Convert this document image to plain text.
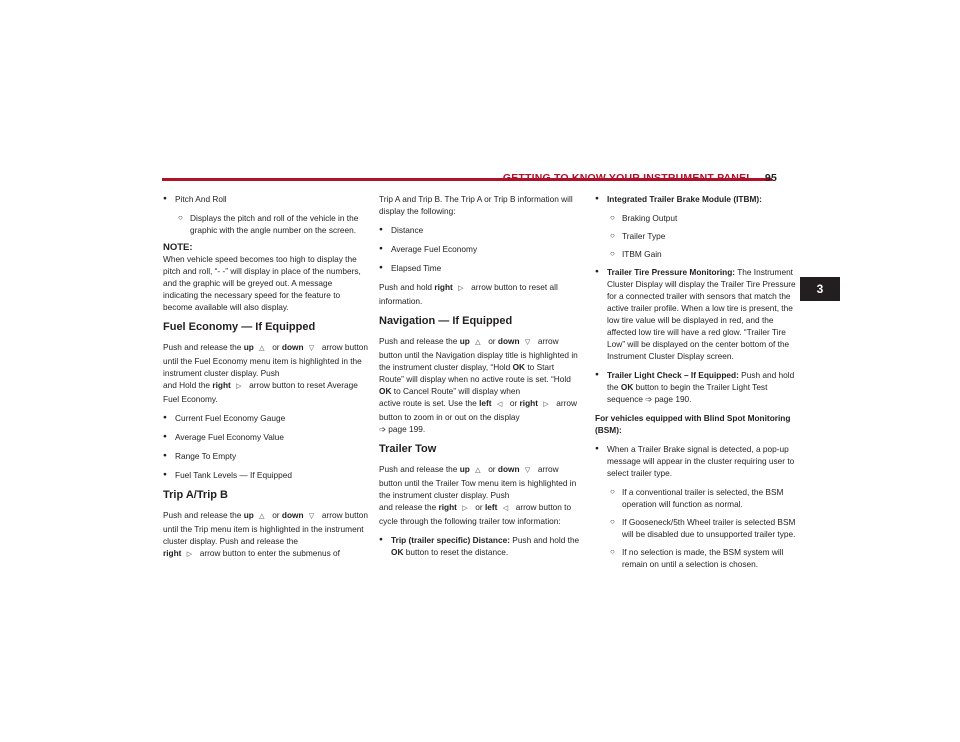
GETTING TO KNOW YOUR INSTRUMENT PANEL 95
3
● Pitch And Roll
○ Displays the pitch and roll of the vehicle in the graphic with the angle number on the screen.
NOTE:

When vehicle speed becomes too high to display the pitch and roll, “- -” will display in place of the numbers, and the graphic will be greyed out. A message indicating the necessary speed for the feature to become available will also display.

Fuel Economy — If Equipped

Push and release the up △ or down ▽ arrow button until the Fuel Economy menu item is highlighted in the instrument cluster display. Push
and Hold the right ▷ arrow button to reset Average Fuel Economy.

● Current Fuel Economy Gauge
● Average Fuel Economy Value
● Range To Empty
● Fuel Tank Levels — If Equipped
Trip A/Trip B

Push and release the up △ or down ▽ arrow button until the Trip menu item is highlighted in the instrument cluster display. Push and release the
right ▷ arrow button to enter the submenus of

Trip A and Trip B. The Trip A or Trip B information will display the following:

● Distance
● Average Fuel Economy
● Elapsed Time

Push and hold right ▷ arrow button to reset all information.

Navigation — If Equipped

Push and release the up △ or down ▽ arrow button until the Navigation display title is highlighted in the instrument cluster display, “Hold OK to Start Route” will display when no active route is set. “Hold OK to Cancel Route” will display when
active route is set. Use the left ◁ or right ▷ arrow button to zoom in or out on the display
➩ page 199.

Trailer Tow

Push and release the up △ or down ▽ arrow button until the Trailer Tow menu item is highlighted in the instrument cluster display. Push
and release the right ▷ or left ◁ arrow button to cycle through the following trailer tow information:

● Trip (trailer specific) Distance: Push and hold the OK button to reset the distance.
● Integrated Trailer Brake Module (ITBM):
○ Braking Output
○ Trailer Type
○ ITBM Gain
● Trailer Tire Pressure Monitoring: The Instrument Cluster Display will display the Trailer Tire Pressure for a connected trailer with sensors that match the active trailer profile. When a low tire is present, the low tire value will be displayed in red, and the affected low tire will have a red glow. “Trailer Tire Low” will be displayed on the center bottom of the Instrument Cluster Display screen.
● Trailer Light Check – If Equipped: Push and hold the OK button to begin the Trailer Light Test sequence ➩ page 190.

For vehicles equipped with Blind Spot Monitoring (BSM):

● When a Trailer Brake signal is detected, a pop-up message will appear in the cluster requiring user to select trailer type.
○ If a conventional trailer is selected, the BSM operation will function as normal.
○ If Gooseneck/5th Wheel trailer is selected BSM will be disabled due to unsupported trailer type.
○ If no selection is made, the BSM system will remain on until a selection is chosen.
